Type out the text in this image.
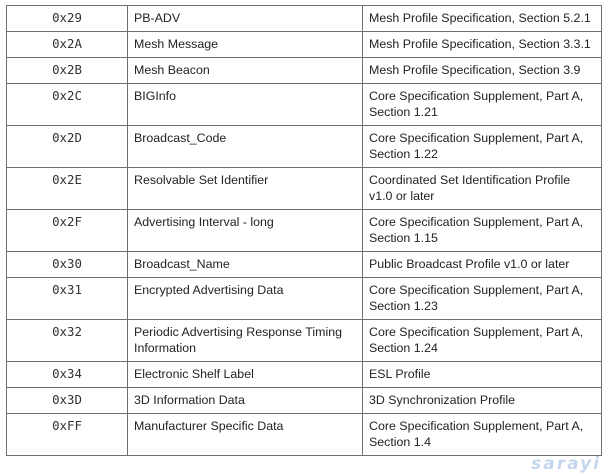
0x29	PB-ADV	Mesh Profile Specification, Section 5.2.1
0x2A	Mesh Message	Mesh Profile Specification, Section 3.3.1
0x2B	Mesh Beacon	Mesh Profile Specification, Section 3.9
0x2C	BIGInfo	Core Specification Supplement, Part A, Section 1.21
0x2D	Broadcast_Code	Core Specification Supplement, Part A, Section 1.22
0x2E	Resolvable Set Identifier	Coordinated Set Identification Profile v1.0 or later
0x2F	Advertising Interval - long	Core Specification Supplement, Part A, Section 1.15
0x30	Broadcast_Name	Public Broadcast Profile v1.0 or later
0x31	Encrypted Advertising Data	Core Specification Supplement, Part A, Section 1.23
0x32	Periodic Advertising Response Timing Information	Core Specification Supplement, Part A, Section 1.24
0x34	Electronic Shelf Label	ESL Profile
0x3D	3D Information Data	3D Synchronization Profile
0xFF	Manufacturer Specific Data	Core Specification Supplement, Part A, Section 1.4
sarayi
